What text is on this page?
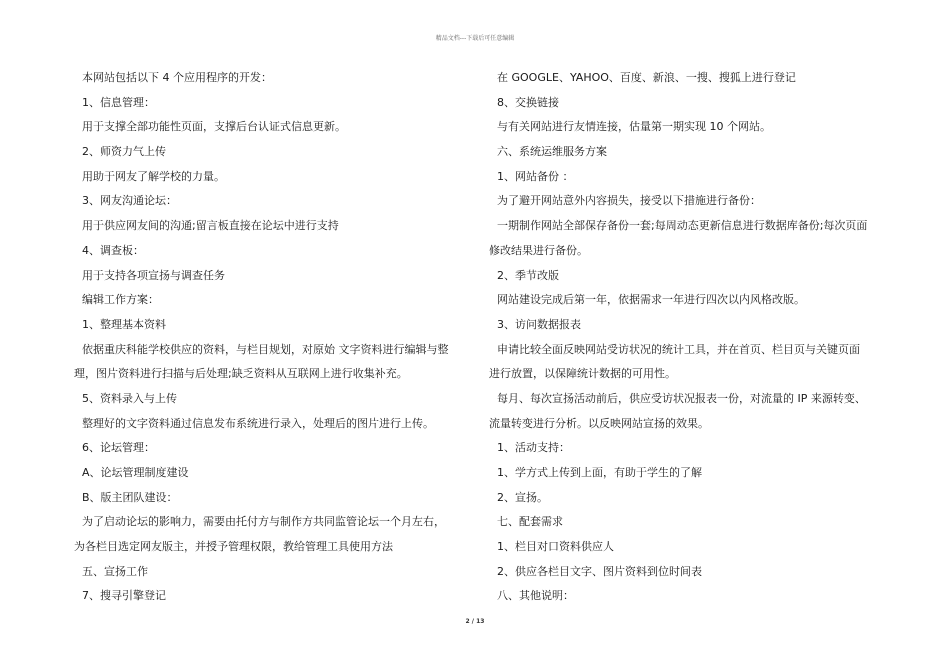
精品文档---下载后可任意编辑
本网站包括以下 4 个应用程序的开发：
1、信息管理：
用于支撑全部功能性页面，支撑后台认证式信息更新。
2、师资力气上传
用助于网友了解学校的力量。
3、网友沟通论坛：
用于供应网友间的沟通;留言板直接在论坛中进行支持
4、调查板：
用于支持各项宣扬与调查任务
编辑工作方案：
1、整理基本资料
依据重庆科能学校供应的资料，与栏目规划，对原始 文字资料进行编辑与整
理，图片资料进行扫描与后处理;缺乏资料从互联网上进行收集补充。
5、资料录入与上传
整理好的文字资料通过信息发布系统进行录入，处理后的图片进行上传。
6、论坛管理：
A、论坛管理制度建设
B、版主团队建设：
为了启动论坛的影响力，需要由托付方与制作方共同监管论坛一个月左右，
为各栏目选定网友版主，并授予管理权限，教给管理工具使用方法
五、宣扬工作
7、搜寻引擎登记
在 GOOGLE、YAHOO、百度、新浪、一搜、搜狐上进行登记
8、交换链接
与有关网站进行友情连接，估量第一期实现 10 个网站。
六、系统运维服务方案
1、网站备份 ：
为了避开网站意外内容损失，接受以下措施进行备份：
一期制作网站全部保存备份一套;每周动态更新信息进行数据库备份;每次页面
修改结果进行备份。
2、季节改版
网站建设完成后第一年，依据需求一年进行四次以内风格改版。
3、访问数据报表
申请比较全面反映网站受访状况的统计工具，并在首页、栏目页与关键页面
进行放置，以保障统计数据的可用性。
每月、每次宣扬活动前后，供应受访状况报表一份，对流量的 IP 来源转变、
流量转变进行分析。以反映网站宣扬的效果。
1、活动支持：
1、学方式上传到上面，有助于学生的了解
2、宣扬。
七、配套需求
1、栏目对口资料供应人
2、供应各栏目文字、图片资料到位时间表
八、其他说明：
2 / 13
